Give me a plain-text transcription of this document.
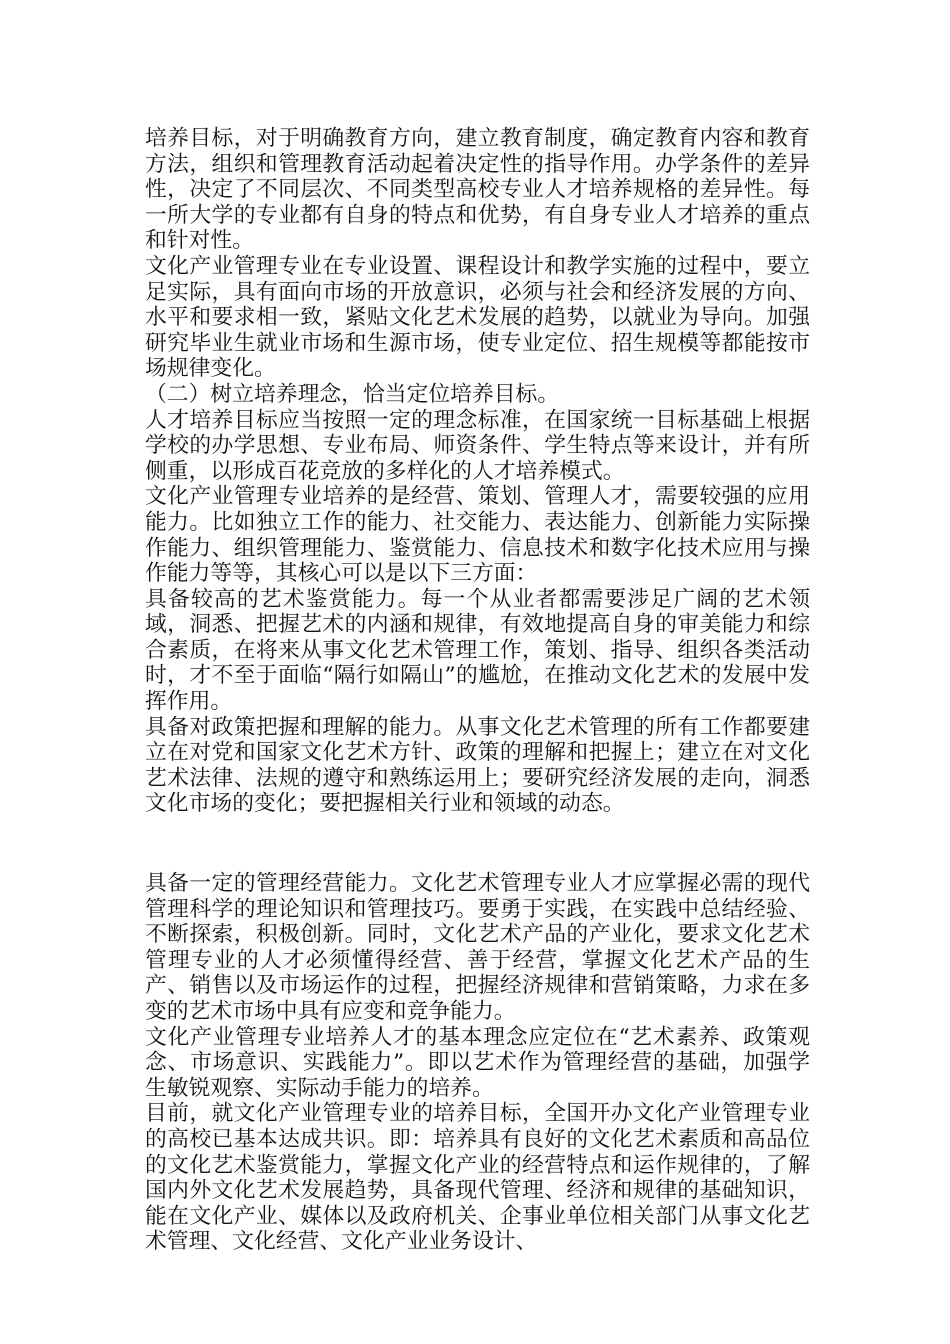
培养目标，对于明确教育方向，建立教育制度，确定教育内容和教育方法，组织和管理教育活动起着决定性的指导作用。办学条件的差异性，决定了不同层次、不同类型高校专业人才培养规格的差异性。每一所大学的专业都有自身的特点和优势，有自身专业人才培养的重点和针对性。

文化产业管理专业在专业设置、课程设计和教学实施的过程中，要立足实际，具有面向市场的开放意识，必须与社会和经济发展的方向、水平和要求相一致，紧贴文化艺术发展的趋势，以就业为导向。加强研究毕业生就业市场和生源市场，使专业定位、招生规模等都能按市场规律变化。

（二）树立培养理念，恰当定位培养目标。

人才培养目标应当按照一定的理念标准，在国家统一目标基础上根据学校的办学思想、专业布局、师资条件、学生特点等来设计，并有所侧重，以形成百花竞放的多样化的人才培养模式。

文化产业管理专业培养的是经营、策划、管理人才，需要较强的应用能力。比如独立工作的能力、社交能力、表达能力、创新能力实际操作能力、组织管理能力、鉴赏能力、信息技术和数字化技术应用与操作能力等等，其核心可以是以下三方面：

具备较高的艺术鉴赏能力。每一个从业者都需要涉足广阔的艺术领域，洞悉、把握艺术的内涵和规律，有效地提高自身的审美能力和综合素质，在将来从事文化艺术管理工作，策划、指导、组织各类活动时，才不至于面临“隔行如隔山”的尴尬，在推动文化艺术的发展中发挥作用。

具备对政策把握和理解的能力。从事文化艺术管理的所有工作都要建立在对党和国家文化艺术方针、政策的理解和把握上；建立在对文化艺术法律、法规的遵守和熟练运用上；要研究经济发展的走向，洞悉文化市场的变化；要把握相关行业和领域的动态。

具备一定的管理经营能力。文化艺术管理专业人才应掌握必需的现代管理科学的理论知识和管理技巧。要勇于实践，在实践中总结经验、不断探索，积极创新。同时，文化艺术产品的产业化，要求文化艺术管理专业的人才必须懂得经营、善于经营，掌握文化艺术产品的生产、销售以及市场运作的过程，把握经济规律和营销策略，力求在多变的艺术市场中具有应变和竞争能力。

文化产业管理专业培养人才的基本理念应定位在“艺术素养、政策观念、市场意识、实践能力”。即以艺术作为管理经营的基础，加强学生敏锐观察、实际动手能力的培养。

目前，就文化产业管理专业的培养目标，全国开办文化产业管理专业的高校已基本达成共识。即：培养具有良好的文化艺术素质和高品位的文化艺术鉴赏能力，掌握文化产业的经营特点和运作规律的，了解国内外文化艺术发展趋势，具备现代管理、经济和规律的基础知识，能在文化产业、媒体以及政府机关、企事业单位相关部门从事文化艺术管理、文化经营、文化产业业务设计、
